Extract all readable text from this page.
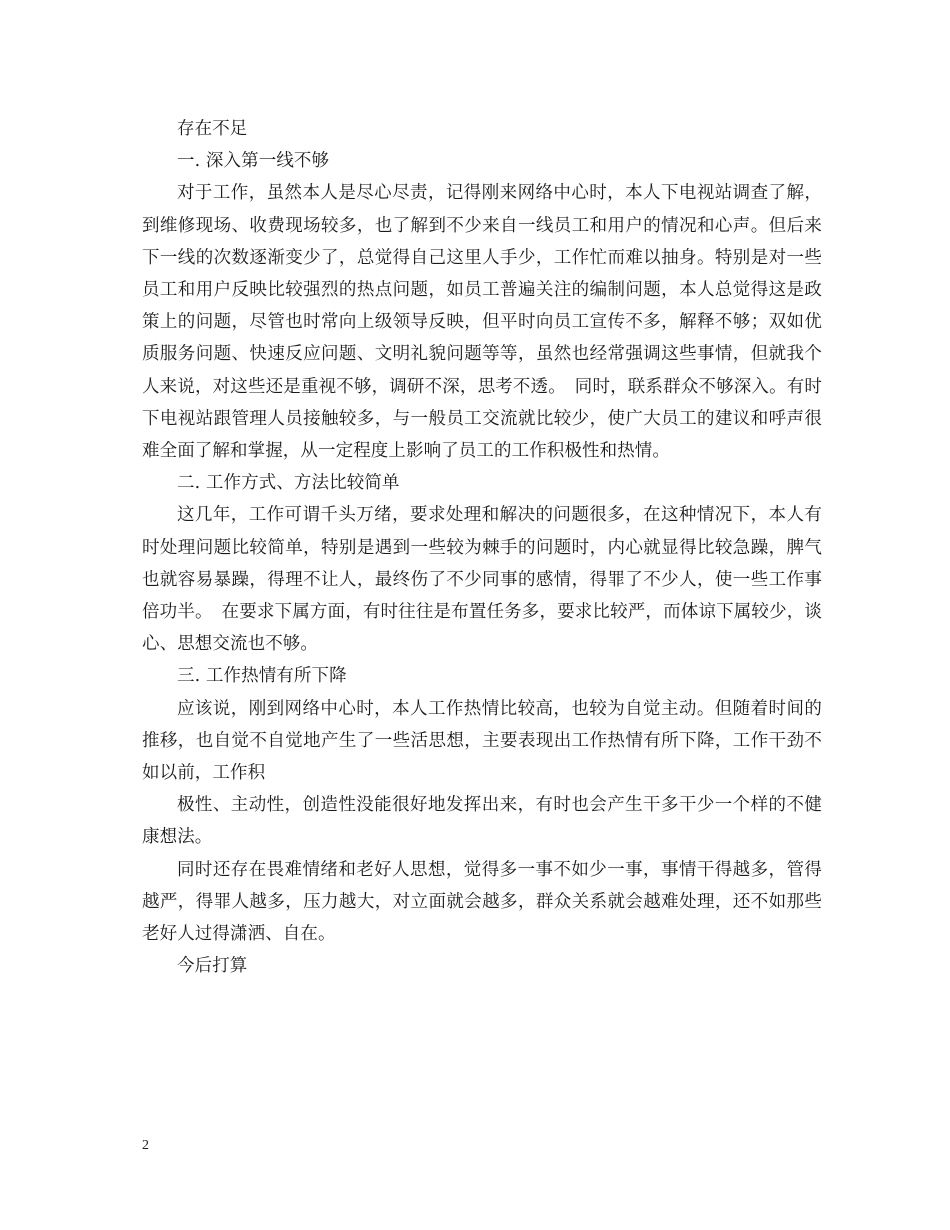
存在不足

一. 深入第一线不够

对于工作，虽然本人是尽心尽责，记得刚来网络中心时，本人下电视站调查了解，到维修现场、收费现场较多，也了解到不少来自一线员工和用户的情况和心声。但后来下一线的次数逐渐变少了，总觉得自己这里人手少，工作忙而难以抽身。特别是对一些员工和用户反映比较强烈的热点问题，如员工普遍关注的编制问题，本人总觉得这是政策上的问题，尽管也时常向上级领导反映，但平时向员工宣传不多，解释不够；双如优质服务问题、快速反应问题、文明礼貌问题等等，虽然也经常强调这些事情，但就我个人来说，对这些还是重视不够，调研不深，思考不透。　同时，联系群众不够深入。有时下电视站跟管理人员接触较多，与一般员工交流就比较少，使广大员工的建议和呼声很难全面了解和掌握，从一定程度上影响了员工的工作积极性和热情。

二. 工作方式、方法比较简单

这几年，工作可谓千头万绪，要求处理和解决的问题很多，在这种情况下，本人有时处理问题比较简单，特别是遇到一些较为棘手的问题时，内心就显得比较急躁，脾气也就容易暴躁，得理不让人，最终伤了不少同事的感情，得罪了不少人，使一些工作事倍功半。　在要求下属方面，有时往往是布置任务多，要求比较严，而体谅下属较少，谈心、思想交流也不够。

三. 工作热情有所下降

应该说，刚到网络中心时，本人工作热情比较高，也较为自觉主动。但随着时间的推移，也自觉不自觉地产生了一些活思想，主要表现出工作热情有所下降，工作干劲不如以前，工作积

极性、主动性，创造性没能很好地发挥出来，有时也会产生干多干少一个样的不健康想法。

同时还存在畏难情绪和老好人思想，觉得多一事不如少一事，事情干得越多，管得越严，得罪人越多，压力越大，对立面就会越多，群众关系就会越难处理，还不如那些老好人过得潇洒、自在。

今后打算

2
